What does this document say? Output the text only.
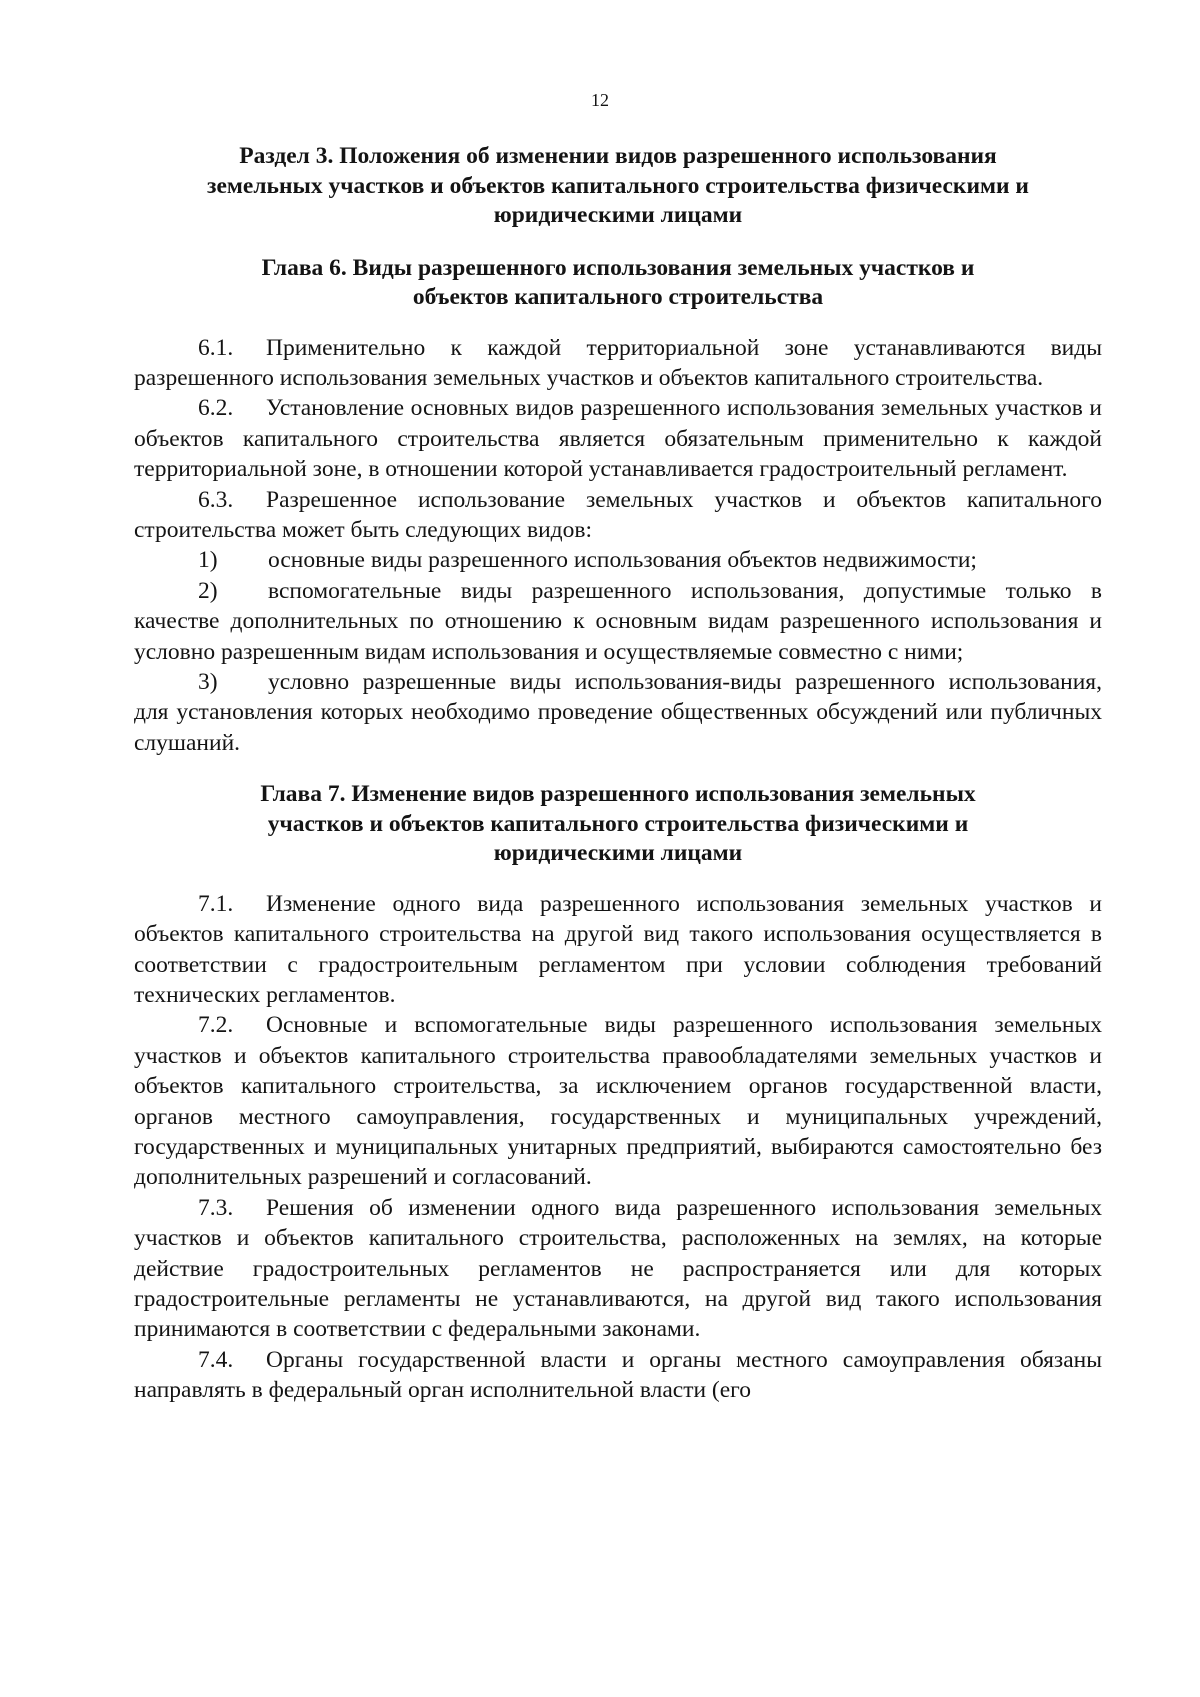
12
Раздел 3. Положения об изменении видов разрешенного использования
земельных участков и объектов капитального строительства физическими и
юридическими лицами
Глава 6. Виды разрешенного использования земельных участков и
объектов капитального строительства

6.1. Применительно к каждой территориальной зоне устанавливаются виды разрешенного использования земельных участков и объектов капитального строительства.

6.2. Установление основных видов разрешенного использования земельных участков и объектов капитального строительства является обязательным применительно к каждой территориальной зоне, в отношении которой устанавливается градостроительный регламент.

6.3. Разрешенное использование земельных участков и объектов капитального строительства может быть следующих видов:

1) основные виды разрешенного использования объектов недвижимости;

2) вспомогательные виды разрешенного использования, допустимые только в качестве дополнительных по отношению к основным видам разрешенного использования и условно разрешенным видам использования и осуществляемые совместно с ними;

3) условно разрешенные виды использования-виды разрешенного использования, для установления которых необходимо проведение общественных обсуждений или публичных слушаний.

Глава 7. Изменение видов разрешенного использования земельных
участков и объектов капитального строительства физическими и
юридическими лицами

7.1. Изменение одного вида разрешенного использования земельных участков и объектов капитального строительства на другой вид такого использования осуществляется в соответствии с градостроительным регламентом при условии соблюдения требований технических регламентов.

7.2. Основные и вспомогательные виды разрешенного использования земельных участков и объектов капитального строительства правообладателями земельных участков и объектов капитального строительства, за исключением органов государственной власти, органов местного самоуправления, государственных и муниципальных учреждений, государственных и муниципальных унитарных предприятий, выбираются самостоятельно без дополнительных разрешений и согласований.

7.3. Решения об изменении одного вида разрешенного использования земельных участков и объектов капитального строительства, расположенных на землях, на которые действие градостроительных регламентов не распространяется или для которых градостроительные регламенты не устанавливаются, на другой вид такого использования принимаются в соответствии с федеральными законами.

7.4. Органы государственной власти и органы местного самоуправления обязаны направлять в федеральный орган исполнительной власти (его
